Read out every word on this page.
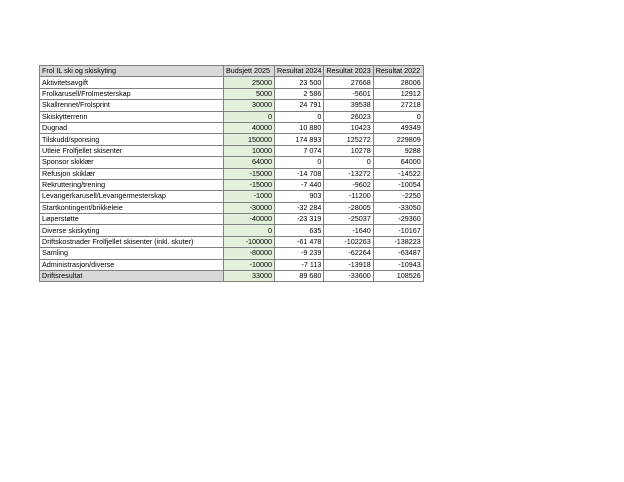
Frol IL ski og skiskyting	Budsjett 2025	Resultat 2024	Resultat 2023	Resultat 2022
Aktivitetsavgift	25000	23 500	27668	28006
Frolkarusell/Frolmesterskap	5000	2 586	-5601	12912
Skallrennet/Frolsprint	30000	24 791	39538	27218
Skiskytterrenn	0	0	26023	0
Dugnad	40000	10 880	10423	49349
Tilskudd/sponsing	150000	174 893	125272	229809
Utleie Frolfjellet skisenter	10000	7 074	10278	9288
Sponsor skiklær	64000	0	0	64000
Refusjon skiklær	-15000	-14 708	-13272	-14522
Rekruttering/trening	-15000	-7 440	-9602	-10054
Levangerkarusell/Levangermesterskap	-1000	903	-11200	-2250
Startkontingent/brikkeleie	-30000	-32 284	-28005	-33050
Løperstøtte	-40000	-23 319	-25037	-29360
Diverse skiskyting	0	635	-1640	-10167
Driftskostnader Frolfjellet skisenter (inkl. skuter)	-100000	-61 478	-102263	-138223
Samling	-80000	-9 239	-62264	-63487
Administrasjon/diverse	-10000	-7 113	-13918	-10943
Driftsresultat	33000	89 680	-33600	108526
